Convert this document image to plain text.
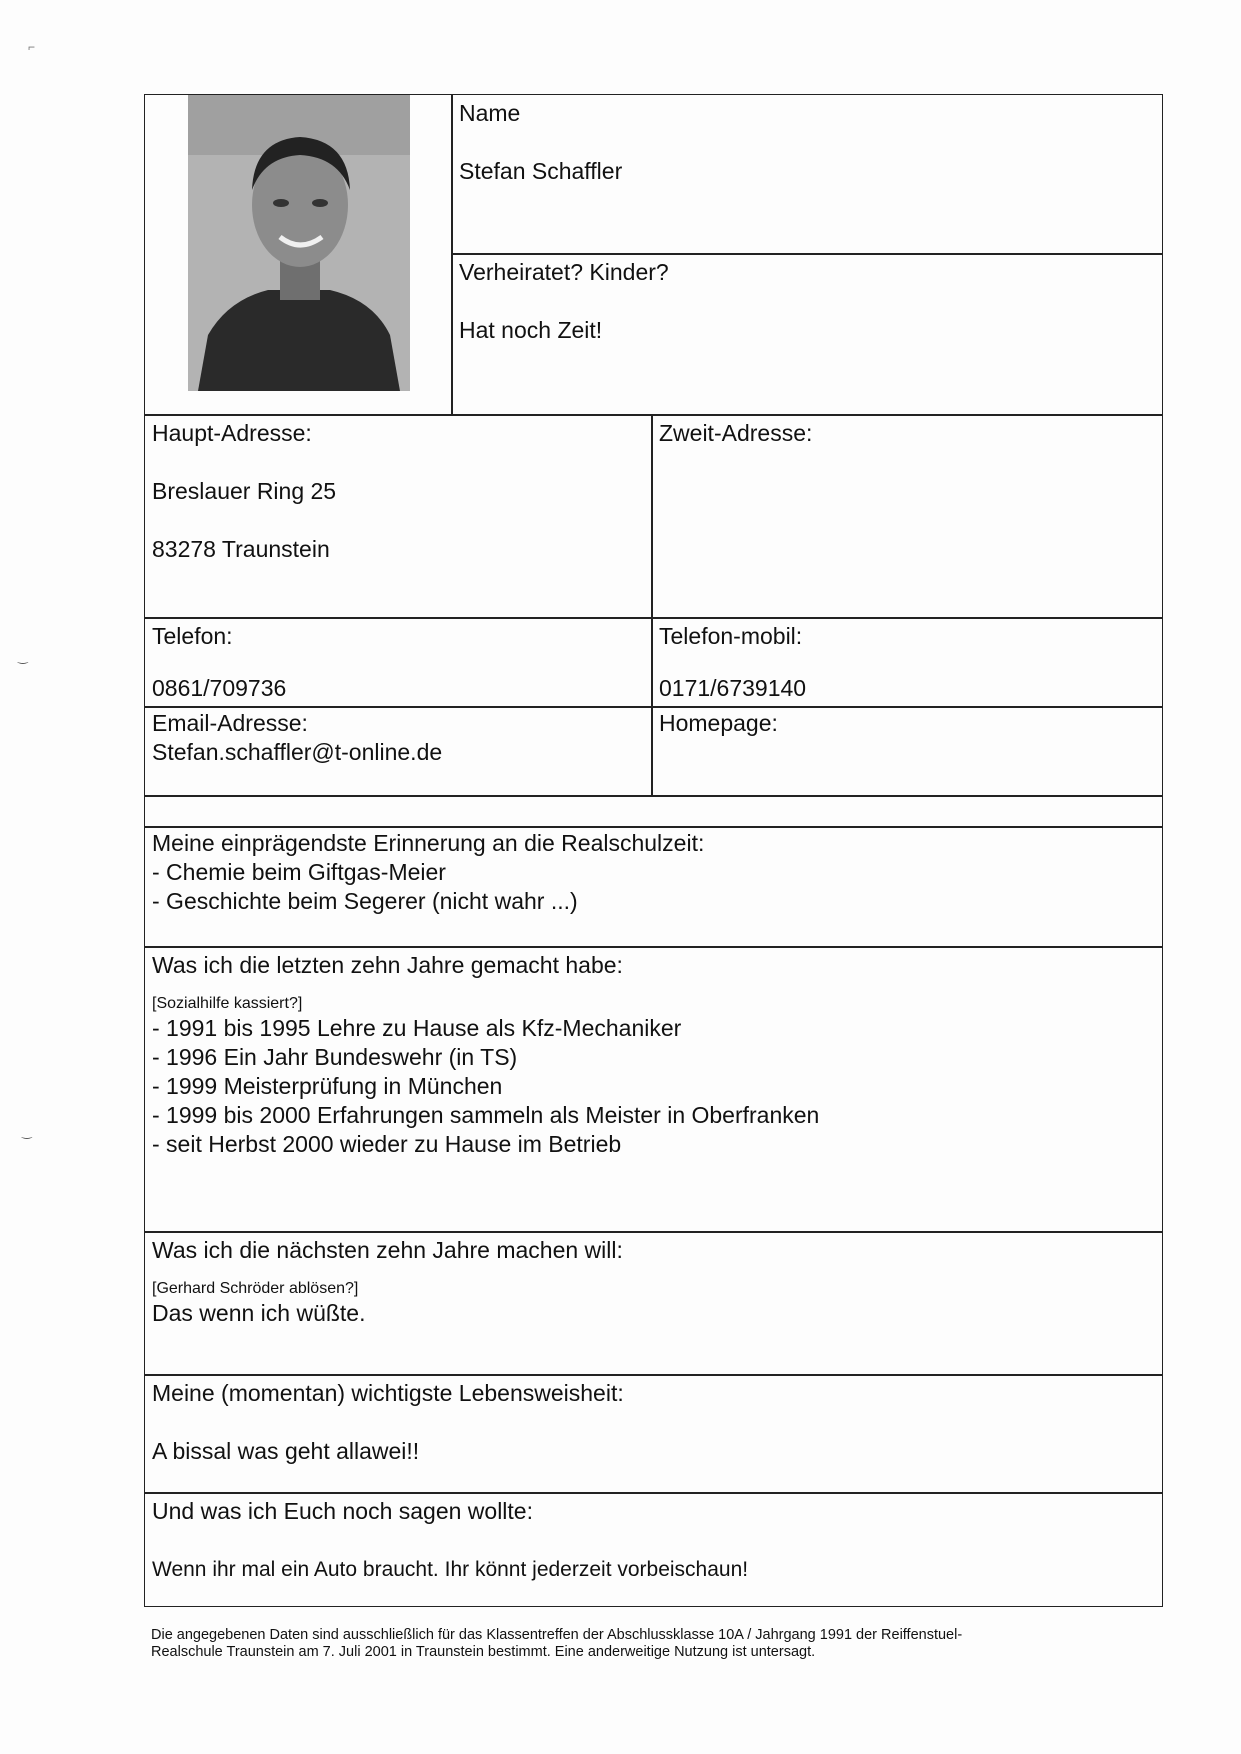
Name

Stefan Schaffler

Verheiratet? Kinder?

Hat noch Zeit!

Haupt-Adresse:

Breslauer Ring 25

83278 Traunstein

Zweit-Adresse:

Telefon:

0861/709736

Telefon-mobil:

0171/6739140

Email-Adresse:

Stefan.schaffler@t-online.de

Homepage:

Meine einprägendste Erinnerung an die Realschulzeit:

- Chemie beim Giftgas-Meier

- Geschichte beim Segerer (nicht wahr ...)

Was ich die letzten zehn Jahre gemacht habe:

[Sozialhilfe kassiert?]

- 1991 bis 1995 Lehre zu Hause als Kfz-Mechaniker

- 1996 Ein Jahr Bundeswehr (in TS)

- 1999 Meisterprüfung in München

- 1999 bis 2000 Erfahrungen sammeln als Meister in Oberfranken

- seit Herbst 2000 wieder zu Hause im Betrieb

Was ich die nächsten zehn Jahre machen will:

[Gerhard Schröder ablösen?]

Das wenn ich wüßte.

Meine (momentan) wichtigste Lebensweisheit:

A bissal was geht allawei!!

Und was ich Euch noch sagen wollte:

Wenn ihr mal ein Auto braucht. Ihr könnt jederzeit vorbeischaun!

Die angegebenen Daten sind ausschließlich für das Klassentreffen der Abschlussklasse 10A / Jahrgang 1991 der Reiffenstuel-
Realschule Traunstein am 7. Juli 2001 in Traunstein bestimmt. Eine anderweitige Nutzung ist untersagt.
⌐
‿
‿
